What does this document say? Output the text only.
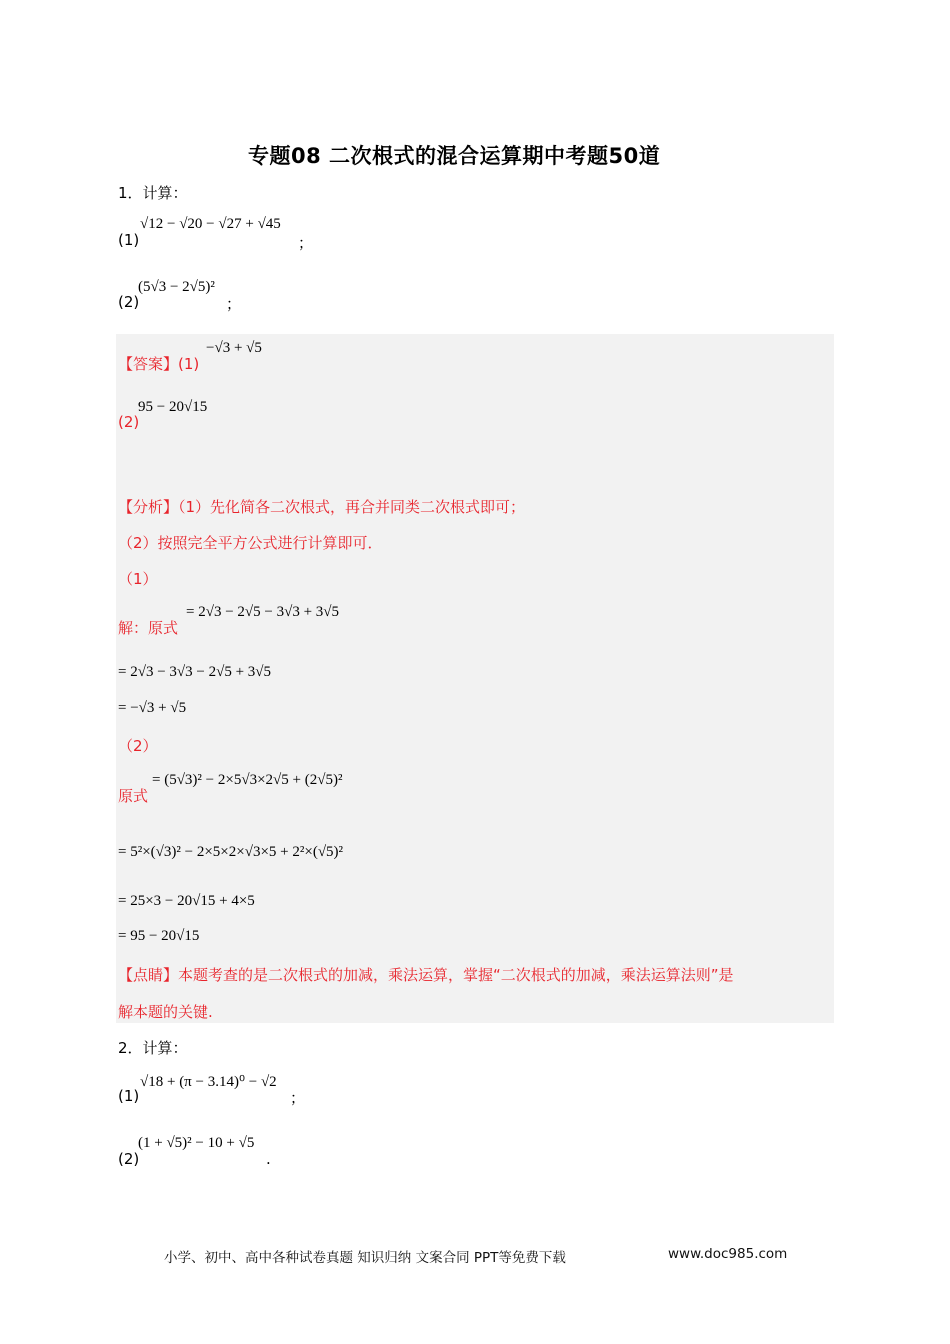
专题08 二次根式的混合运算期中考题50道
1．计算：
(1)
√12 − √20 − √27 + √45
；
(2)
(5√3 − 2√5)²
；
【答案】(1)
−√3 + √5
(2)
95 − 20√15
【分析】（1）先化简各二次根式，再合并同类二次根式即可；
（2）按照完全平方公式进行计算即可．
（1）
解：原式
= 2√3 − 2√5 − 3√3 + 3√5
= 2√3 − 3√3 − 2√5 + 3√5
= −√3 + √5
（2）
原式
= (5√3)² − 2×5√3×2√5 + (2√5)²
= 5²×(√3)² − 2×5×2×√3×5 + 2²×(√5)²
= 25×3 − 20√15 + 4×5
= 95 − 20√15
【点睛】本题考查的是二次根式的加减，乘法运算，掌握“二次根式的加减，乘法运算法则”是
解本题的关键.
2．计算：
(1)
√18 + (π − 3.14)⁰ − √2
；
(2)
(1 + √5)² − 10 + √5
.
小学、初中、高中各种试卷真题 知识归纳 文案合同 PPT等免费下载	www.doc985.com
